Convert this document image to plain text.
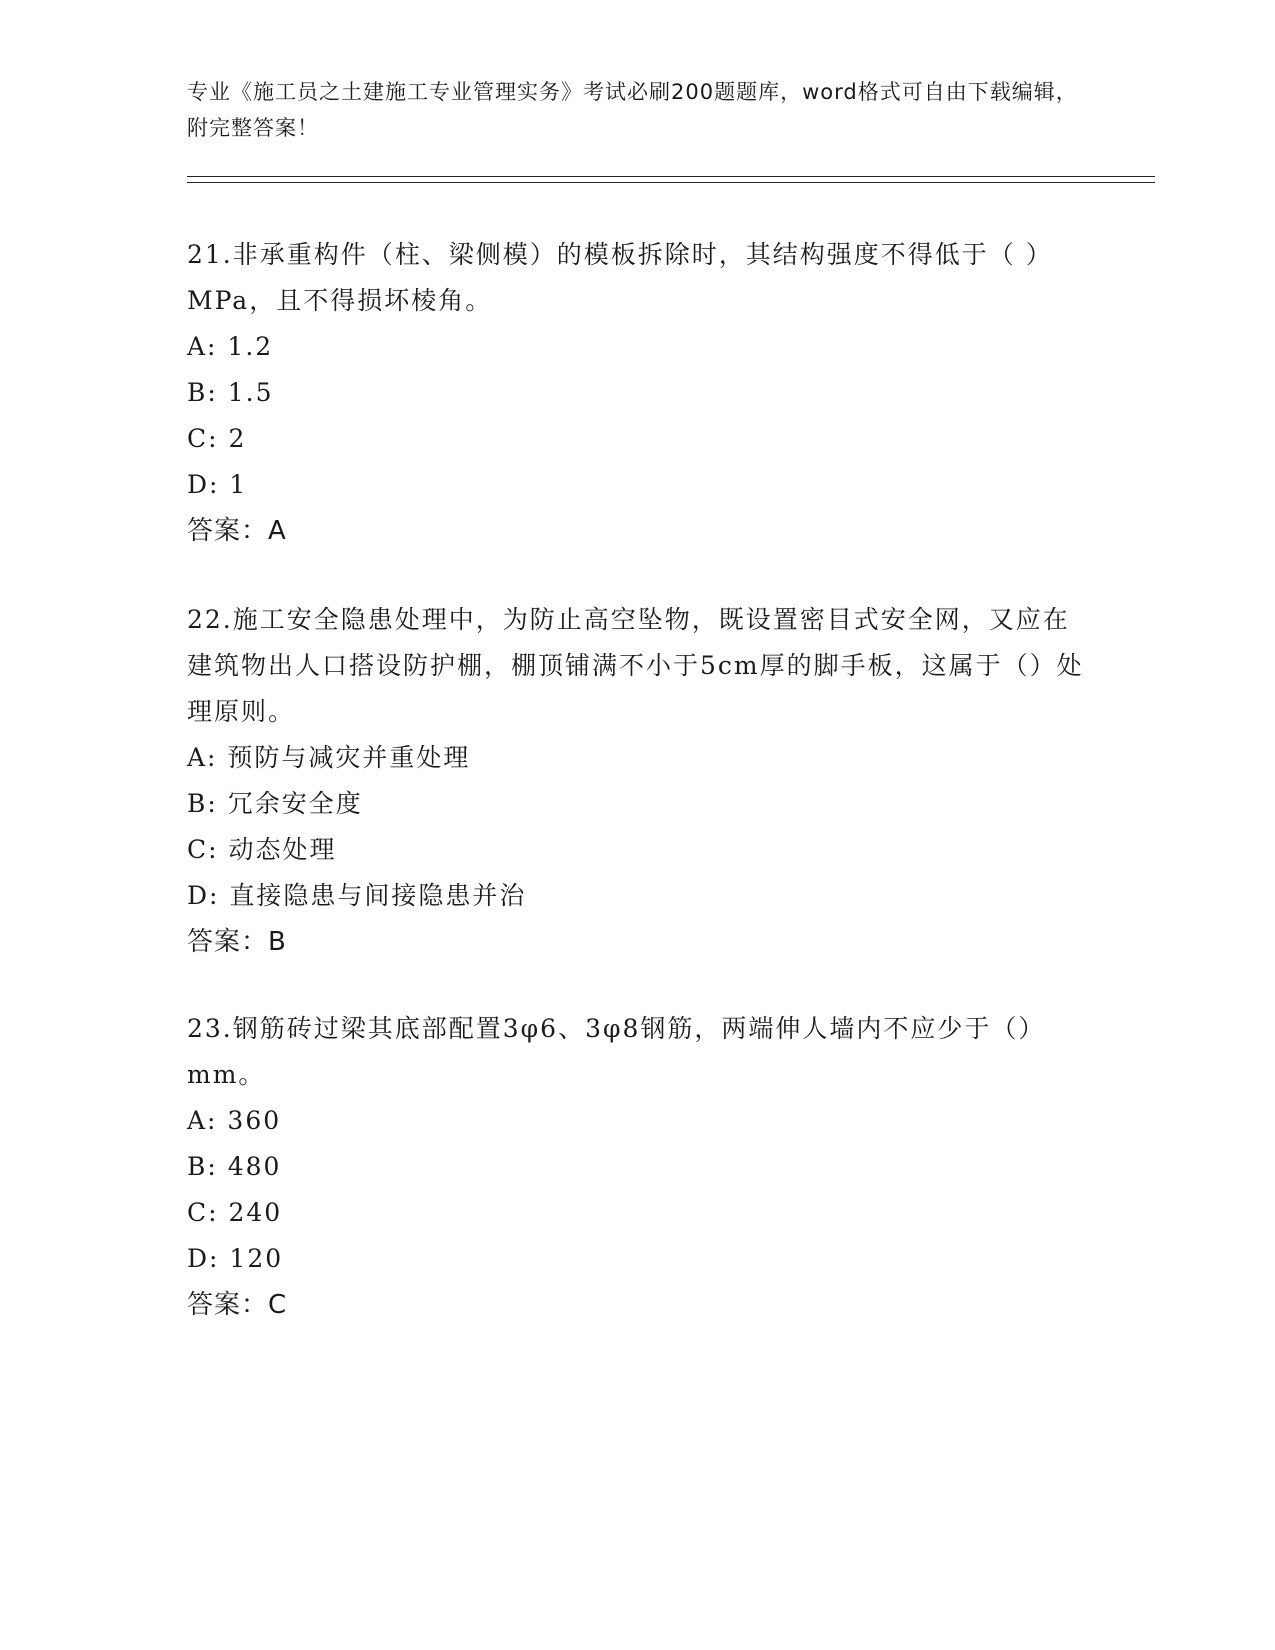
专业《施工员之土建施工专业管理实务》考试必刷200题题库，word格式可自由下载编辑，附完整答案！

21.非承重构件（柱、梁侧模）的模板拆除时，其结构强度不得低于（ ）MPa，且不得损坏棱角。

A: 1.2

B: 1.5

C: 2

D: 1

答案：A

22.施工安全隐患处理中，为防止高空坠物，既设置密目式安全网，又应在建筑物出人口搭设防护棚，棚顶铺满不小于5cm厚的脚手板，这属于（）处理原则。

A: 预防与减灾并重处理

B: 冗余安全度

C: 动态处理

D: 直接隐患与间接隐患并治

答案：B

23.钢筋砖过梁其底部配置3φ6、3φ8钢筋，两端伸人墙内不应少于（）mm。

A: 360

B: 480

C: 240

D: 120

答案：C
